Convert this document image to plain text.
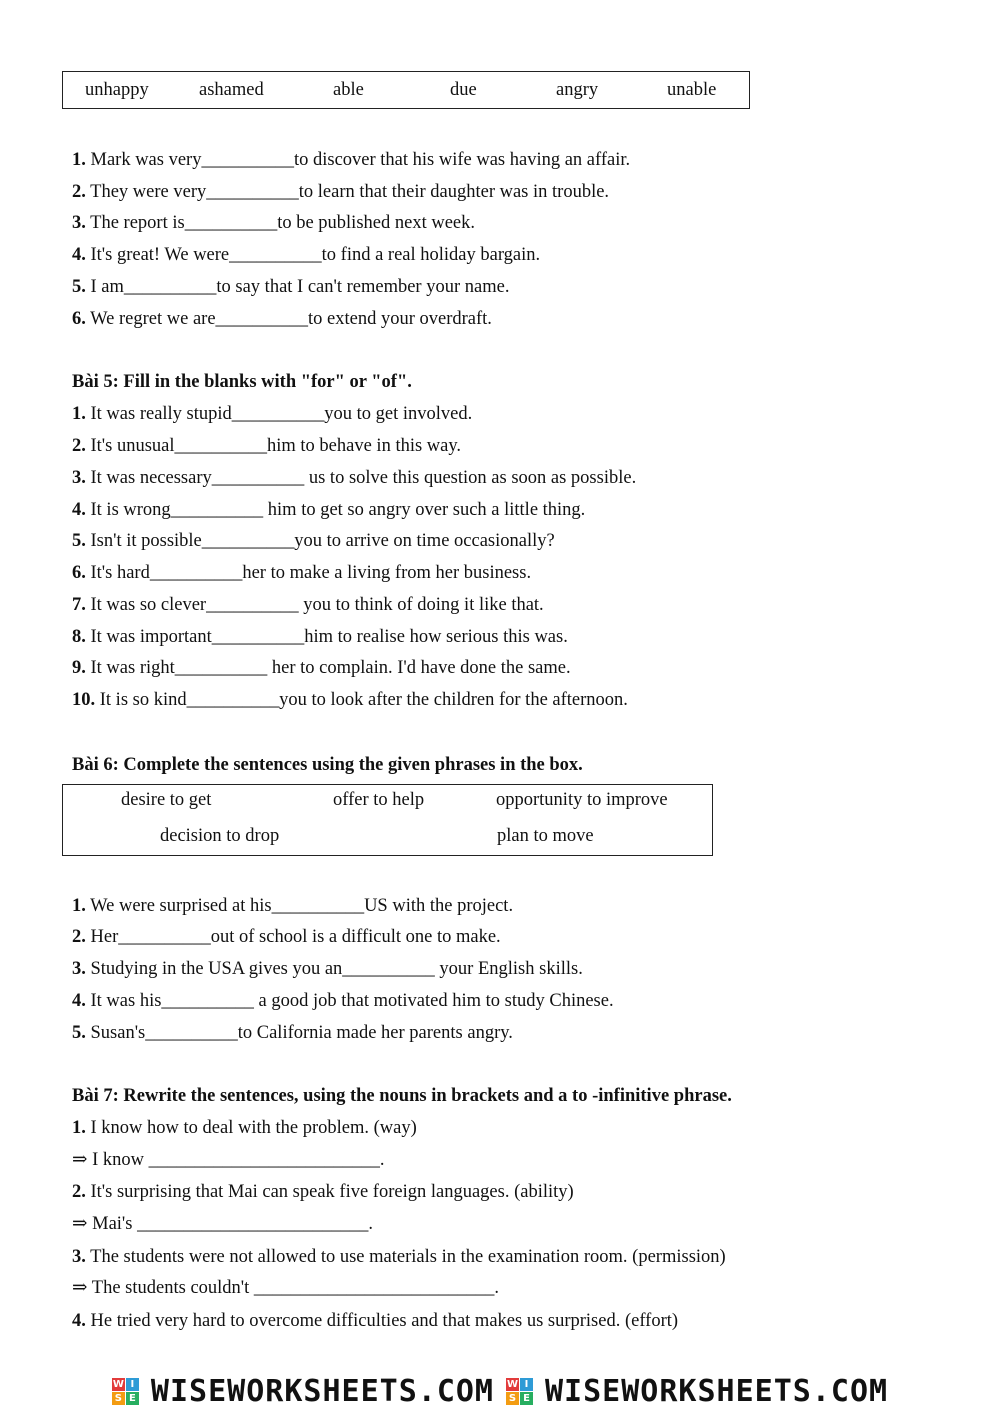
unhappy	ashamed	able	due	angry	unable
1. Mark was very__________to discover that his wife was having an affair.
2. They were very__________to learn that their daughter was in trouble.
3. The report is__________to be published next week.
4. It's great! We were__________to find a real holiday bargain.
5. I am__________to say that I can't remember your name.
6. We regret we are__________to extend your overdraft.
Bài 5: Fill in the blanks with "for" or "of".
1. It was really stupid__________you to get involved.
2. It's unusual__________him to behave in this way.
3. It was necessary__________ us to solve this question as soon as possible.
4. It is wrong__________ him to get so angry over such a little thing.
5. Isn't it possible__________you to arrive on time occasionally?
6. It's hard__________her to make a living from her business.
7. It was so clever__________ you to think of doing it like that.
8. It was important__________him to realise how serious this was.
9. It was right__________ her to complain. I'd have done the same.
10. It is so kind__________you to look after the children for the afternoon.
Bài 6: Complete the sentences using the given phrases in the box.
desire to get	offer to help	opportunity to improve
decision to drop	plan to move
1. We were surprised at his__________US with the project.
2. Her__________out of school is a difficult one to make.
3. Studying in the USA gives you an__________ your English skills.
4. It was his__________ a good job that motivated him to study Chinese.
5. Susan's__________to California made her parents angry.
Bài 7: Rewrite the sentences, using the nouns in brackets and a to -infinitive phrase.
1. I know how to deal with the problem. (way)
⇒ I know _________________________.
2. It's surprising that Mai can speak five foreign languages. (ability)
⇒ Mai's _________________________.
3. The students were not allowed to use materials in the examination room. (permission)
⇒ The students couldn't __________________________.
4. He tried very hard to overcome difficulties and that makes us surprised. (effort)
W I
S E WISEWORKSHEETS.COM W I
S E WISEWORKSHEETS.COM
